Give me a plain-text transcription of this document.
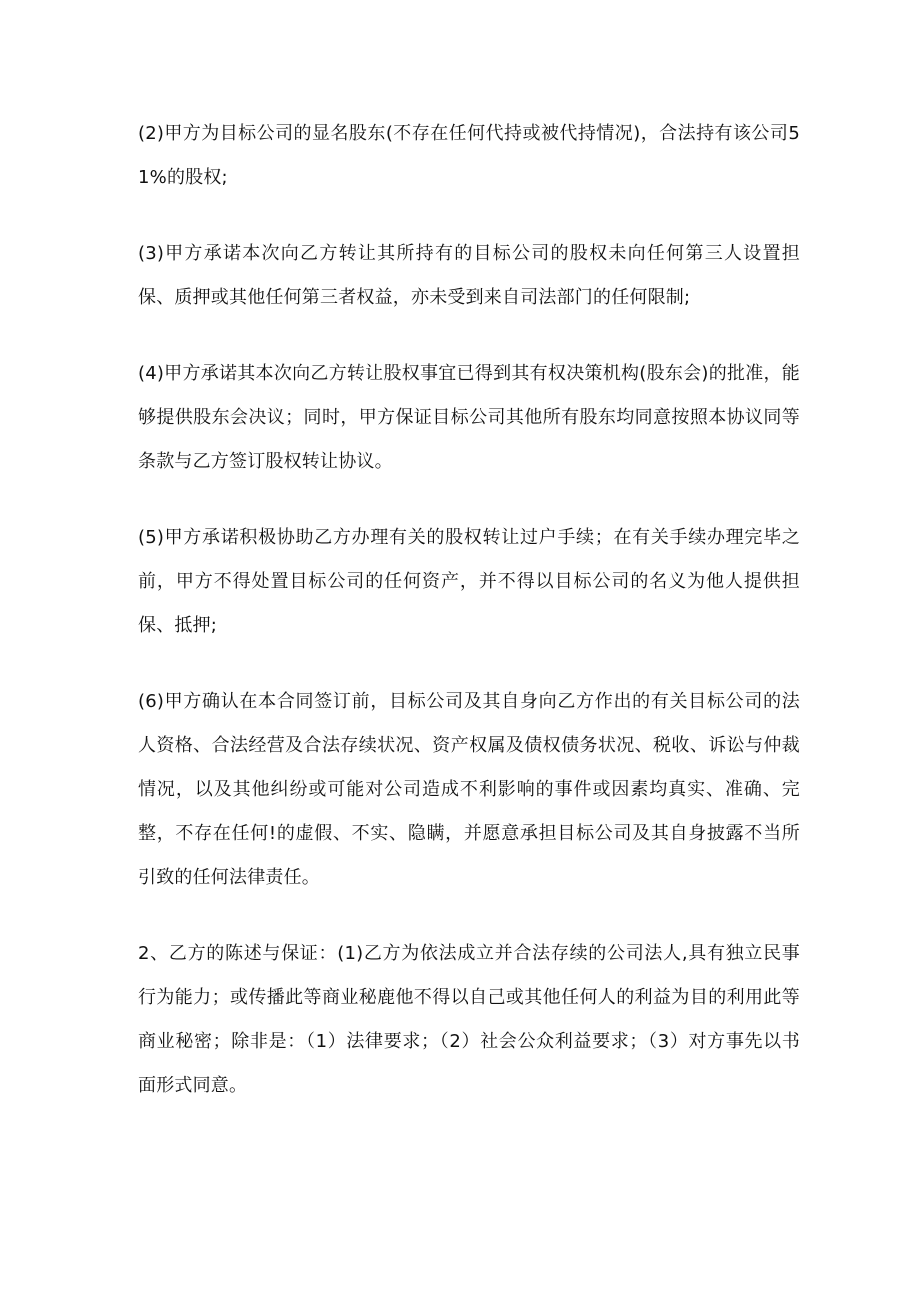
(2)甲方为目标公司的显名股东(不存在任何代持或被代持情况)，合法持有该公司51%的股权;

(3)甲方承诺本次向乙方转让其所持有的目标公司的股权未向任何第三人设置担保、质押或其他任何第三者权益，亦未受到来自司法部门的任何限制;

(4)甲方承诺其本次向乙方转让股权事宜已得到其有权决策机构(股东会)的批准，能够提供股东会决议；同时，甲方保证目标公司其他所有股东均同意按照本协议同等条款与乙方签订股权转让协议。

(5)甲方承诺积极协助乙方办理有关的股权转让过户手续；在有关手续办理完毕之前，甲方不得处置目标公司的任何资产，并不得以目标公司的名义为他人提供担保、抵押;

(6)甲方确认在本合同签订前，目标公司及其自身向乙方作出的有关目标公司的法人资格、合法经营及合法存续状况、资产权属及债权债务状况、税收、诉讼与仲裁情况，以及其他纠纷或可能对公司造成不利影响的事件或因素均真实、准确、完整，不存在任何!的虚假、不实、隐瞒，并愿意承担目标公司及其自身披露不当所引致的任何法律责任。

2、乙方的陈述与保证：(1)乙方为依法成立并合法存续的公司法人,具有独立民事行为能力；或传播此等商业秘鹿他不得以自己或其他任何人的利益为目的利用此等商业秘密；除非是：（1）法律要求；（2）社会公众利益要求；（3）对方事先以书面形式同意。
